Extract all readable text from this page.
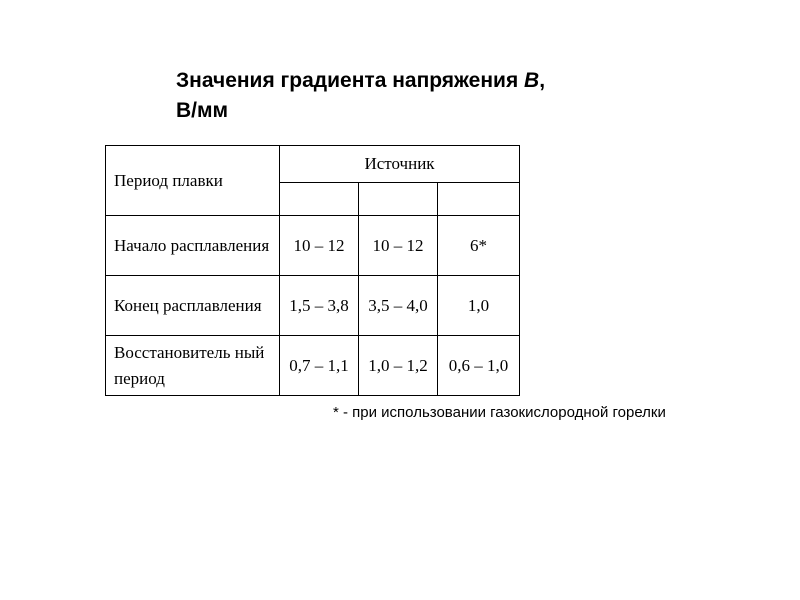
Значения градиента напряжения B,
В/мм
Период плавки	Источник		

Начало расплавления	10 – 12	10 – 12	6*
Конец расплавления	1,5 – 3,8	3,5 – 4,0	1,0
Восстановитель ный период	0,7 – 1,1	1,0 – 1,2	0,6 – 1,0
* - при использовании газокислородной горелки
